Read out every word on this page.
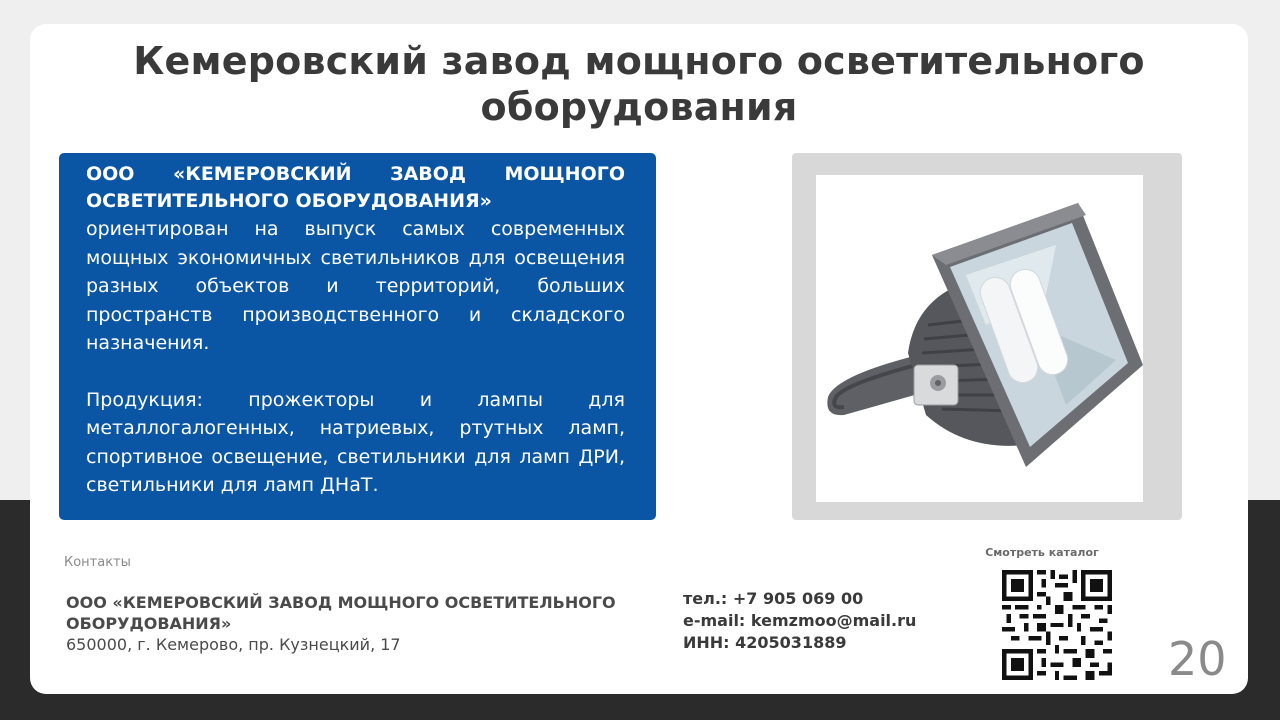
Кемеровский завод мощного осветительного оборудования

ООО «КЕМЕРОВСКИЙ ЗАВОД МОЩНОГО ОСВЕТИТЕЛЬНОГО ОБОРУДОВАНИЯ»

ориентирован на выпуск самых современных мощных экономичных светильников для освещения разных объектов и территорий, больших пространств производственного и складского назначения.

Продукция: прожекторы и лампы для металлогалогенных, натриевых, ртутных ламп, спортивное освещение, светильники для ламп ДРИ, светильники для ламп ДНаТ.

Контакты
ООО «КЕМЕРОВСКИЙ ЗАВОД МОЩНОГО ОСВЕТИТЕЛЬНОГО ОБОРУДОВАНИЯ»
650000, г. Кемерово, пр. Кузнецкий, 17
тел.: +7 905 069 00
e-mail: kemzmoo@mail.ru
ИНН: 4205031889
Смотреть каталог
20
